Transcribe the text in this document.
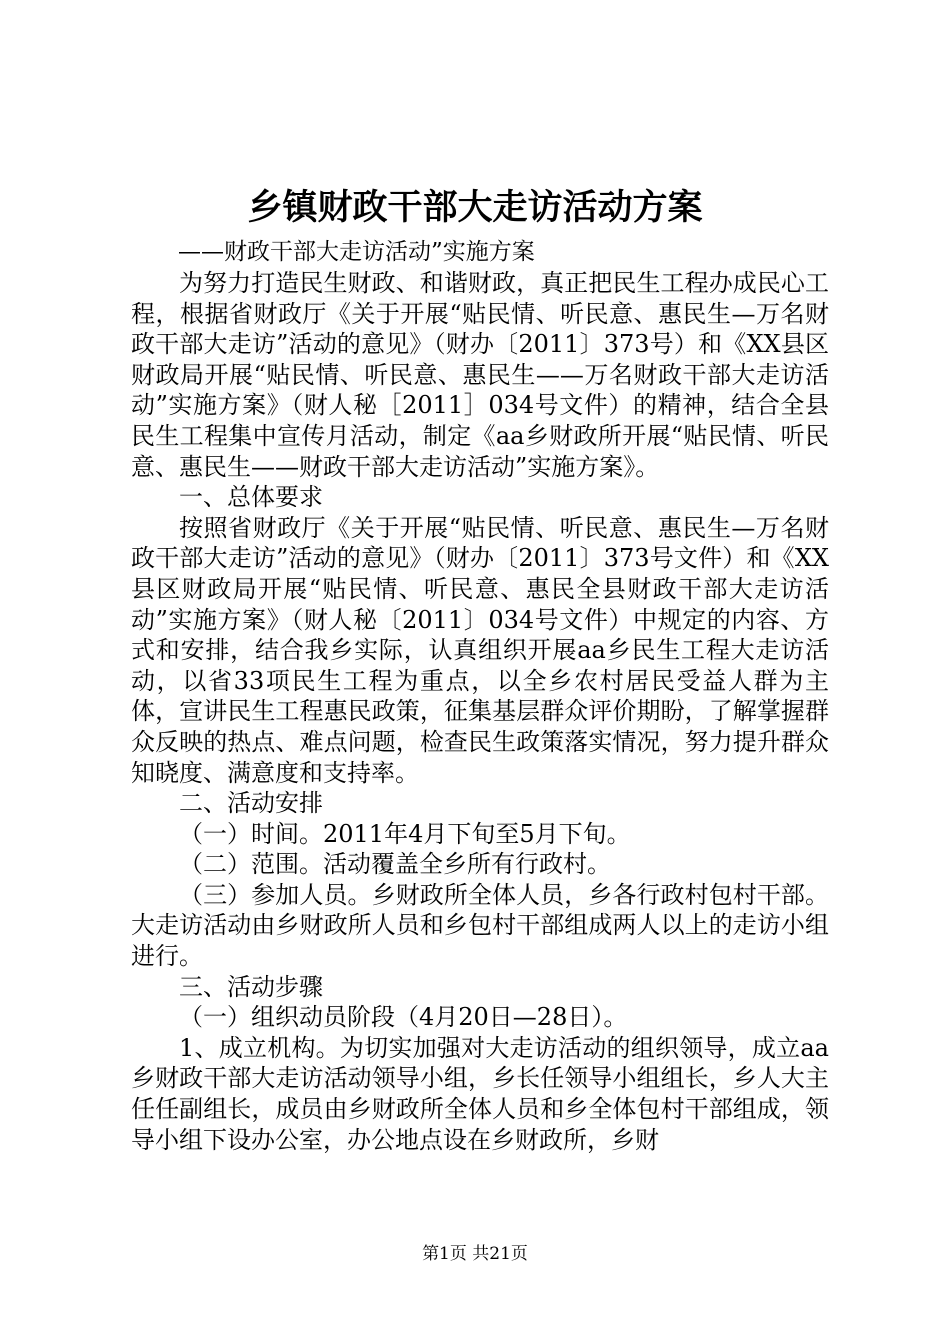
乡镇财政干部大走访活动方案
——财政干部大走访活动”实施方案

为努力打造民生财政、和谐财政，真正把民生工程办成民心工程，根据省财政厅《关于开展“贴民情、听民意、惠民生—万名财政干部大走访”活动的意见》（财办〔2011〕373号）和《XX县区财政局开展“贴民情、听民意、惠民生——万名财政干部大走访活动”实施方案》（财人秘［2011］034号文件）的精神，结合全县民生工程集中宣传月活动，制定《aa乡财政所开展“贴民情、听民意、惠民生——财政干部大走访活动”实施方案》。

一、总体要求

按照省财政厅《关于开展“贴民情、听民意、惠民生—万名财政干部大走访”活动的意见》（财办〔2011〕373号文件）和《XX县区财政局开展“贴民情、听民意、惠民全县财政干部大走访活动”实施方案》（财人秘〔2011〕034号文件）中规定的内容、方式和安排，结合我乡实际，认真组织开展aa乡民生工程大走访活动，以省33项民生工程为重点，以全乡农村居民受益人群为主体，宣讲民生工程惠民政策，征集基层群众评价期盼，了解掌握群众反映的热点、难点问题，检查民生政策落实情况，努力提升群众知晓度、满意度和支持率。

二、活动安排

（一）时间。2011年4月下旬至5月下旬。

（二）范围。活动覆盖全乡所有行政村。

（三）参加人员。乡财政所全体人员，乡各行政村包村干部。大走访活动由乡财政所人员和乡包村干部组成两人以上的走访小组进行。

三、活动步骤

（一）组织动员阶段（4月20日—28日）。

1、成立机构。为切实加强对大走访活动的组织领导，成立aa乡财政干部大走访活动领导小组，乡长任领导小组组长，乡人大主任任副组长，成员由乡财政所全体人员和乡全体包村干部组成，领导小组下设办公室，办公地点设在乡财政所，乡财

第1页 共21页
